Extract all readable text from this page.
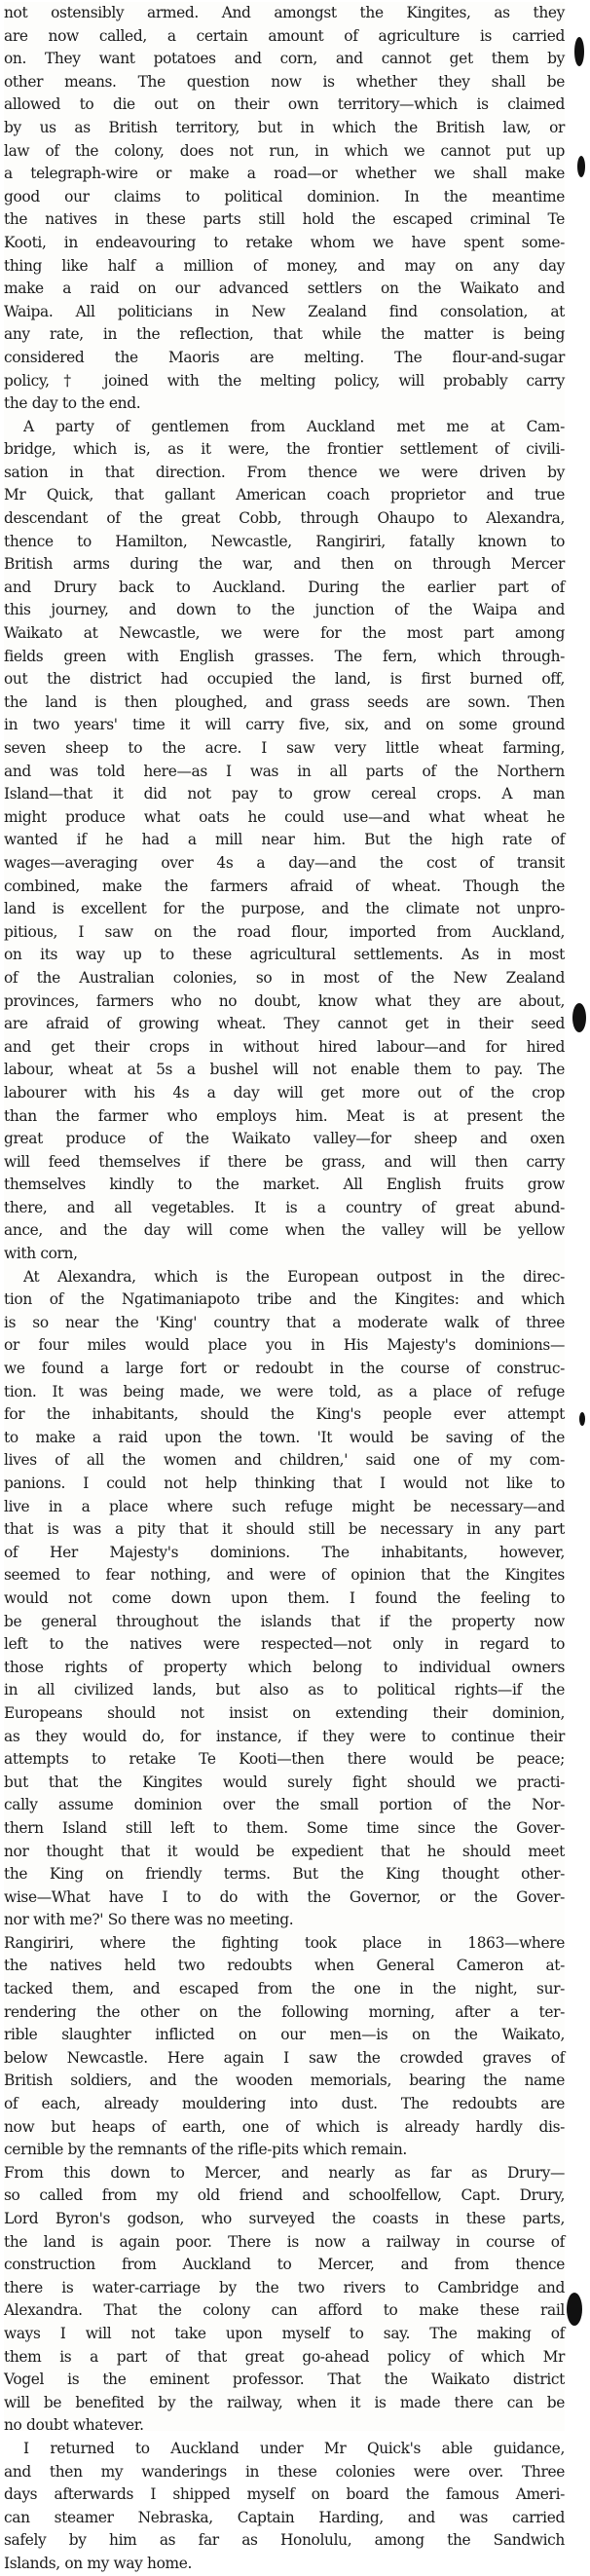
not ostensibly armed. And amongst the Kingites, as they
are now called, a certain amount of agriculture is carried
on. They want potatoes and corn, and cannot get them by
other means. The question now is whether they shall be
allowed to die out on their own territory—which is claimed
by us as British territory, but in which the British law, or
law of the colony, does not run, in which we cannot put up
a telegraph-wire or make a road—or whether we shall make
good our claims to political dominion. In the meantime
the natives in these parts still hold the escaped criminal Te
Kooti, in endeavouring to retake whom we have spent some-
thing like half a million of money, and may on any day
make a raid on our advanced settlers on the Waikato and
Waipa. All politicians in New Zealand find consolation, at
any rate, in the reflection, that while the matter is being
considered the Maoris are melting. The flour-and-sugar
policy,† joined with the melting policy, will probably carry
the day to the end.
A party of gentlemen from Auckland met me at Cam-
bridge, which is, as it were, the frontier settlement of civili-
sation in that direction. From thence we were driven by
Mr Quick, that gallant American coach proprietor and true
descendant of the great Cobb, through Ohaupo to Alexandra,
thence to Hamilton, Newcastle, Rangiriri, fatally known to
British arms during the war, and then on through Mercer
and Drury back to Auckland. During the earlier part of
this journey, and down to the junction of the Waipa and
Waikato at Newcastle, we were for the most part among
fields green with English grasses. The fern, which through-
out the district had occupied the land, is first burned off,
the land is then ploughed, and grass seeds are sown. Then
in two years' time it will carry five, six, and on some ground
seven sheep to the acre. I saw very little wheat farming,
and was told here—as I was in all parts of the Northern
Island—that it did not pay to grow cereal crops. A man
might produce what oats he could use—and what wheat he
wanted if he had a mill near him. But the high rate of
wages—averaging over 4s a day—and the cost of transit
combined, make the farmers afraid of wheat. Though the
land is excellent for the purpose, and the climate not unpro-
pitious, I saw on the road flour, imported from Auckland,
on its way up to these agricultural settlements. As in most
of the Australian colonies, so in most of the New Zealand
provinces, farmers who no doubt, know what they are about,
are afraid of growing wheat. They cannot get in their seed
and get their crops in without hired labour—and for hired
labour, wheat at 5s a bushel will not enable them to pay. The
labourer with his 4s a day will get more out of the crop
than the farmer who employs him. Meat is at present the
great produce of the Waikato valley—for sheep and oxen
will feed themselves if there be grass, and will then carry
themselves kindly to the market. All English fruits grow
there, and all vegetables. It is a country of great abund-
ance, and the day will come when the valley will be yellow
with corn,
At Alexandra, which is the European outpost in the direc-
tion of the Ngatimaniapoto tribe and the Kingites: and which
is so near the 'King' country that a moderate walk of three
or four miles would place you in His Majesty's dominions—
we found a large fort or redoubt in the course of construc-
tion. It was being made, we were told, as a place of refuge
for the inhabitants, should the King's people ever attempt
to make a raid upon the town. 'It would be saving of the
lives of all the women and children,' said one of my com-
panions. I could not help thinking that I would not like to
live in a place where such refuge might be necessary—and
that is was a pity that it should still be necessary in any part
of Her Majesty's dominions. The inhabitants, however,
seemed to fear nothing, and were of opinion that the Kingites
would not come down upon them. I found the feeling to
be general throughout the islands that if the property now
left to the natives were respected—not only in regard to
those rights of property which belong to individual owners
in all civilized lands, but also as to political rights—if the
Europeans should not insist on extending their dominion,
as they would do, for instance, if they were to continue their
attempts to retake Te Kooti—then there would be peace;
but that the Kingites would surely fight should we practi-
cally assume dominion over the small portion of the Nor-
thern Island still left to them. Some time since the Gover-
nor thought that it would be expedient that he should meet
the King on friendly terms. But the King thought other-
wise—What have I to do with the Governor, or the Gover-
nor with me?' So there was no meeting.
Rangiriri, where the fighting took place in 1863—where
the natives held two redoubts when General Cameron at-
tacked them, and escaped from the one in the night, sur-
rendering the other on the following morning, after a ter-
rible slaughter inflicted on our men—is on the Waikato,
below Newcastle. Here again I saw the crowded graves of
British soldiers, and the wooden memorials, bearing the name
of each, already mouldering into dust. The redoubts are
now but heaps of earth, one of which is already hardly dis-
cernible by the remnants of the rifle-pits which remain.
From this down to Mercer, and nearly as far as Drury—
so called from my old friend and schoolfellow, Capt. Drury,
Lord Byron's godson, who surveyed the coasts in these parts,
the land is again poor. There is now a railway in course of
construction from Auckland to Mercer, and from thence
there is water-carriage by the two rivers to Cambridge and
Alexandra. That the colony can afford to make these rail
ways I will not take upon myself to say. The making of
them is a part of that great go-ahead policy of which Mr
Vogel is the eminent professor. That the Waikato district
will be benefited by the railway, when it is made there can be
no doubt whatever.
I returned to Auckland under Mr Quick's able guidance,
and then my wanderings in these colonies were over. Three
days afterwards I shipped myself on board the famous Ameri-
can steamer Nebraska, Captain Harding, and was carried
safely by him as far as Honolulu, among the Sandwich
Islands, on my way home.
